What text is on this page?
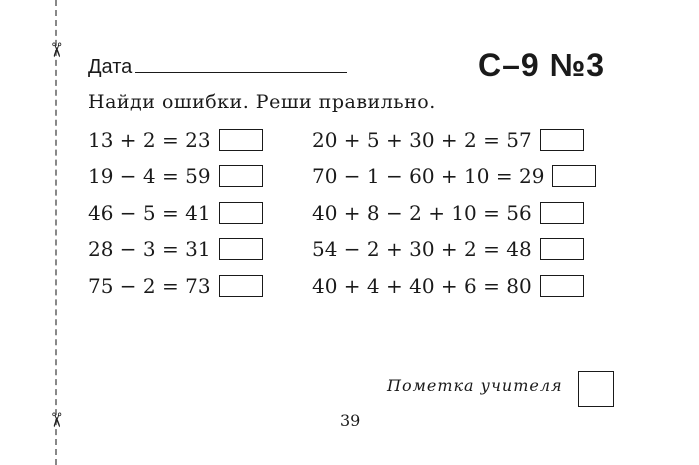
✂
✂
Дата	С–9 №3
Найди ошибки. Реши правильно.
13 + 2 = 23
19 − 4 = 59
46 − 5 = 41
28 − 3 = 31
75 − 2 = 73
20 + 5 + 30 + 2 = 57
70 − 1 − 60 + 10 = 29
40 + 8 − 2 + 10 = 56
54 − 2 + 30 + 2 = 48
40 + 4 + 40 + 6 = 80
Пометка учителя
39
